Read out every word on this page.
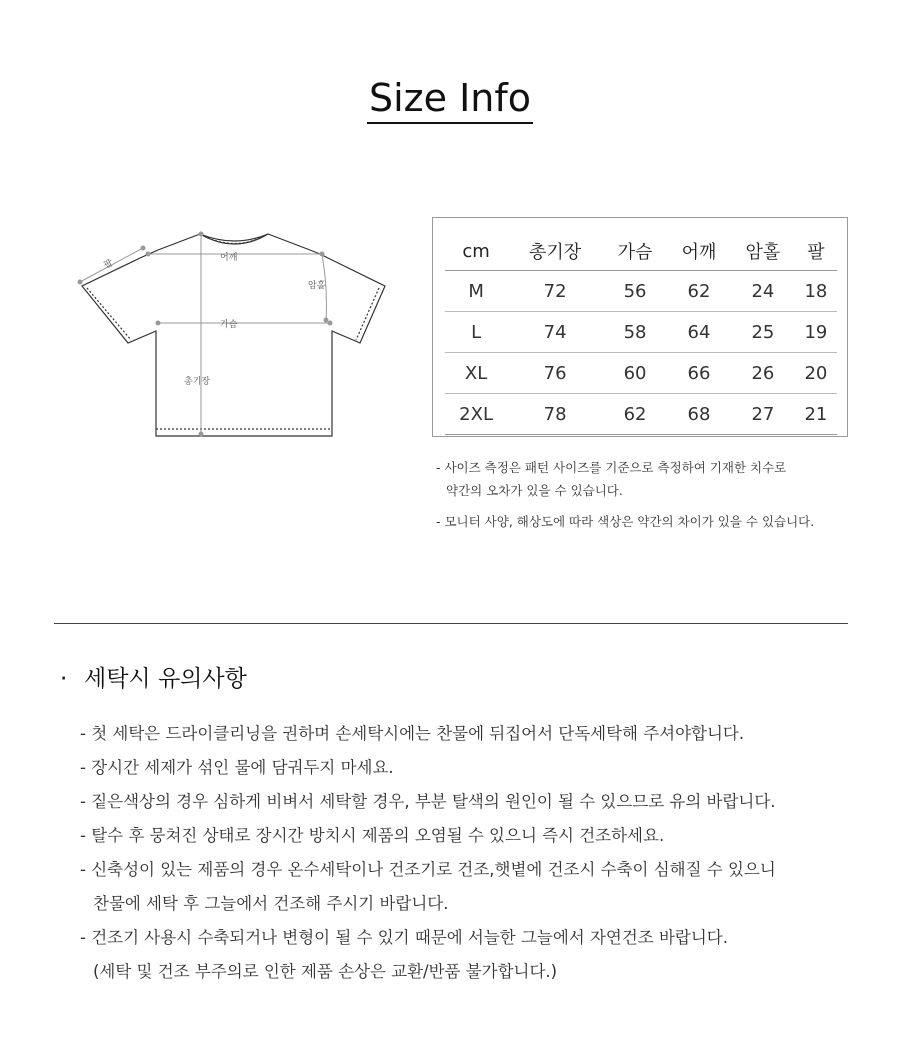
Size Info
팔
어깨
암홀
가슴
총기장
cm	총기장	가슴	어깨	암홀	팔
M	72	56	62	24	18
L	74	58	64	25	19
XL	76	60	66	26	20
2XL	78	62	68	27	21

- 사이즈 측정은 패턴 사이즈를 기준으로 측정하여 기재한 치수로
약간의 오차가 있을 수 있습니다.

- 모니터 사양, 해상도에 따라 색상은 약간의 차이가 있을 수 있습니다.

· 세탁시 유의사항
- 첫 세탁은 드라이클리닝을 권하며 손세탁시에는 찬물에 뒤집어서 단독세탁해 주셔야합니다.
- 장시간 세제가 섞인 물에 담궈두지 마세요.
- 짙은색상의 경우 심하게 비벼서 세탁할 경우, 부분 탈색의 원인이 될 수 있으므로 유의 바랍니다.
- 탈수 후 뭉쳐진 상태로 장시간 방치시 제품의 오염될 수 있으니 즉시 건조하세요.
- 신축성이 있는 제품의 경우 온수세탁이나 건조기로 건조,햇볕에 건조시 수축이 심해질 수 있으니
찬물에 세탁 후 그늘에서 건조해 주시기 바랍니다.
- 건조기 사용시 수축되거나 변형이 될 수 있기 때문에 서늘한 그늘에서 자연건조 바랍니다.
(세탁 및 건조 부주의로 인한 제품 손상은 교환/반품 불가합니다.)
